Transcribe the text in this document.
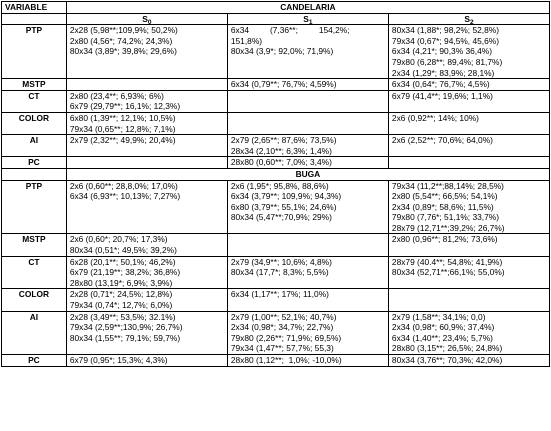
VARIABLE	CANDELARIA		
	$S_0$	$S_1$	$S_2$
PTP	2x28 (5,98**;109,9%; 50,2%)
2x80 (4,56*; 74,2%; 24,3%)
80x34 (3,89*; 39,8%; 29,6%)	6x34         (7,36**;         154,2%;
151,8%)
80x34 (3,9*; 92,0%; 71,9%)	80x34 (1,88*; 98,2%; 52,8%)
79x34 (0,67*; 94,5%, 45,6%)
6x34 (4,21*; 90,3% 36,4%)
79x80 (6,28**; 89,4%; 81,7%)
2x34 (1,29*; 83,9%; 28,1%)
MSTP		6x34 (0,79**; 76,7%; 4,59%)	6x34 (0,64*; 76,7%; 4,5%)
CT	2x80 (23,4**; 6,93%; 6%)
6x79 (29,79**; 16,1%; 12,3%)		6x79 (41,4**; 19,6%; 1,1%)
COLOR	6x80 (1,39**; 12,1%; 10,5%)
79x34 (0,65**; 12,8%; 7,1%)		2x6 (0,92**; 14%; 10%)
AI	2x79 (2,32**; 49,9%; 20,4%)	2x79 (2,65**; 87,6%; 73,5%)
28x34 (2,10**; 6,3%; 1,4%)	2x6 (2,52**; 70,6%; 64,0%)
PC		28x80 (0,60**; 7,0%; 3,4%)	
	BUGA		
PTP	2x6 (0,60**; 28,8,0%; 17,0%)
6x34 (6,93**; 10,13%; 7,27%)	2x6 (1,95*; 95,8%, 88,6%)
6x34 (3,79**; 109,9%; 94,3%)
6x80 (3,79**; 55,1%; 24,6%)
80x34 (5,47**;70,9%; 29%)	79x34 (11,2**;88,14%; 28,5%)
2x80 (5,54**; 66,5%; 54,1%)
2x34 (0,89*; 58,6%; 11,5%)
79x80 (7,76*; 51,1%; 33,7%)
28x79 (12,71**;39,2%; 26,7%)
MSTP	2x6 (0,60*; 20,7%; 17,3%)
80x34 (0,51*; 49,5%; 39,2%)		2x80 (0,96**; 81,2%; 73,6%)
CT	6x28 (20,1**; 50,1%; 46,2%)
6x79 (21,19**; 38,2%; 36,8%)
28x80 (13,19*; 6,9%; 3,9%)	2x79 (34,9**; 10,6%; 4,8%)
80x34 (17,7*; 8,3%; 5,5%)	28x79 (40.4**; 54,8%; 41,9%)
80x34 (52,71**;66,1%; 55,0%)
COLOR	2x28 (0,71*; 24,5%; 12,8%)
79x34 (0,74*; 12,7%; 6,0%)	6x34 (1,17**; 17%; 11,0%)	
AI	2x28 (3,49**; 53,5%; 32.1%)
79x34 (2,59**;130,9%; 26,7%)
80x34 (1,55**; 79,1%; 59,7%)	2x79 (1,00**; 52,1%; 40,7%)
2x34 (0,98*; 34,7%; 22,7%)
79x80 (2,26**; 71,9%; 69,5%)
79x34 (1,47**; 57,7%; 55,3)	2x79 (1,58**; 34,1%; 0,0)
2x34 (0,98*; 60,9%; 37,4%)
6x34 (1,40**; 23,4%; 5,7%)
28x80 (3,15**; 26,5%; 24,8%)
PC	6x79 (0,95*; 15,3%; 4,3%)	28x80 (1,12**;  1,0%; -10,0%)	80x34 (3,76**; 70,3%; 42,0%)
